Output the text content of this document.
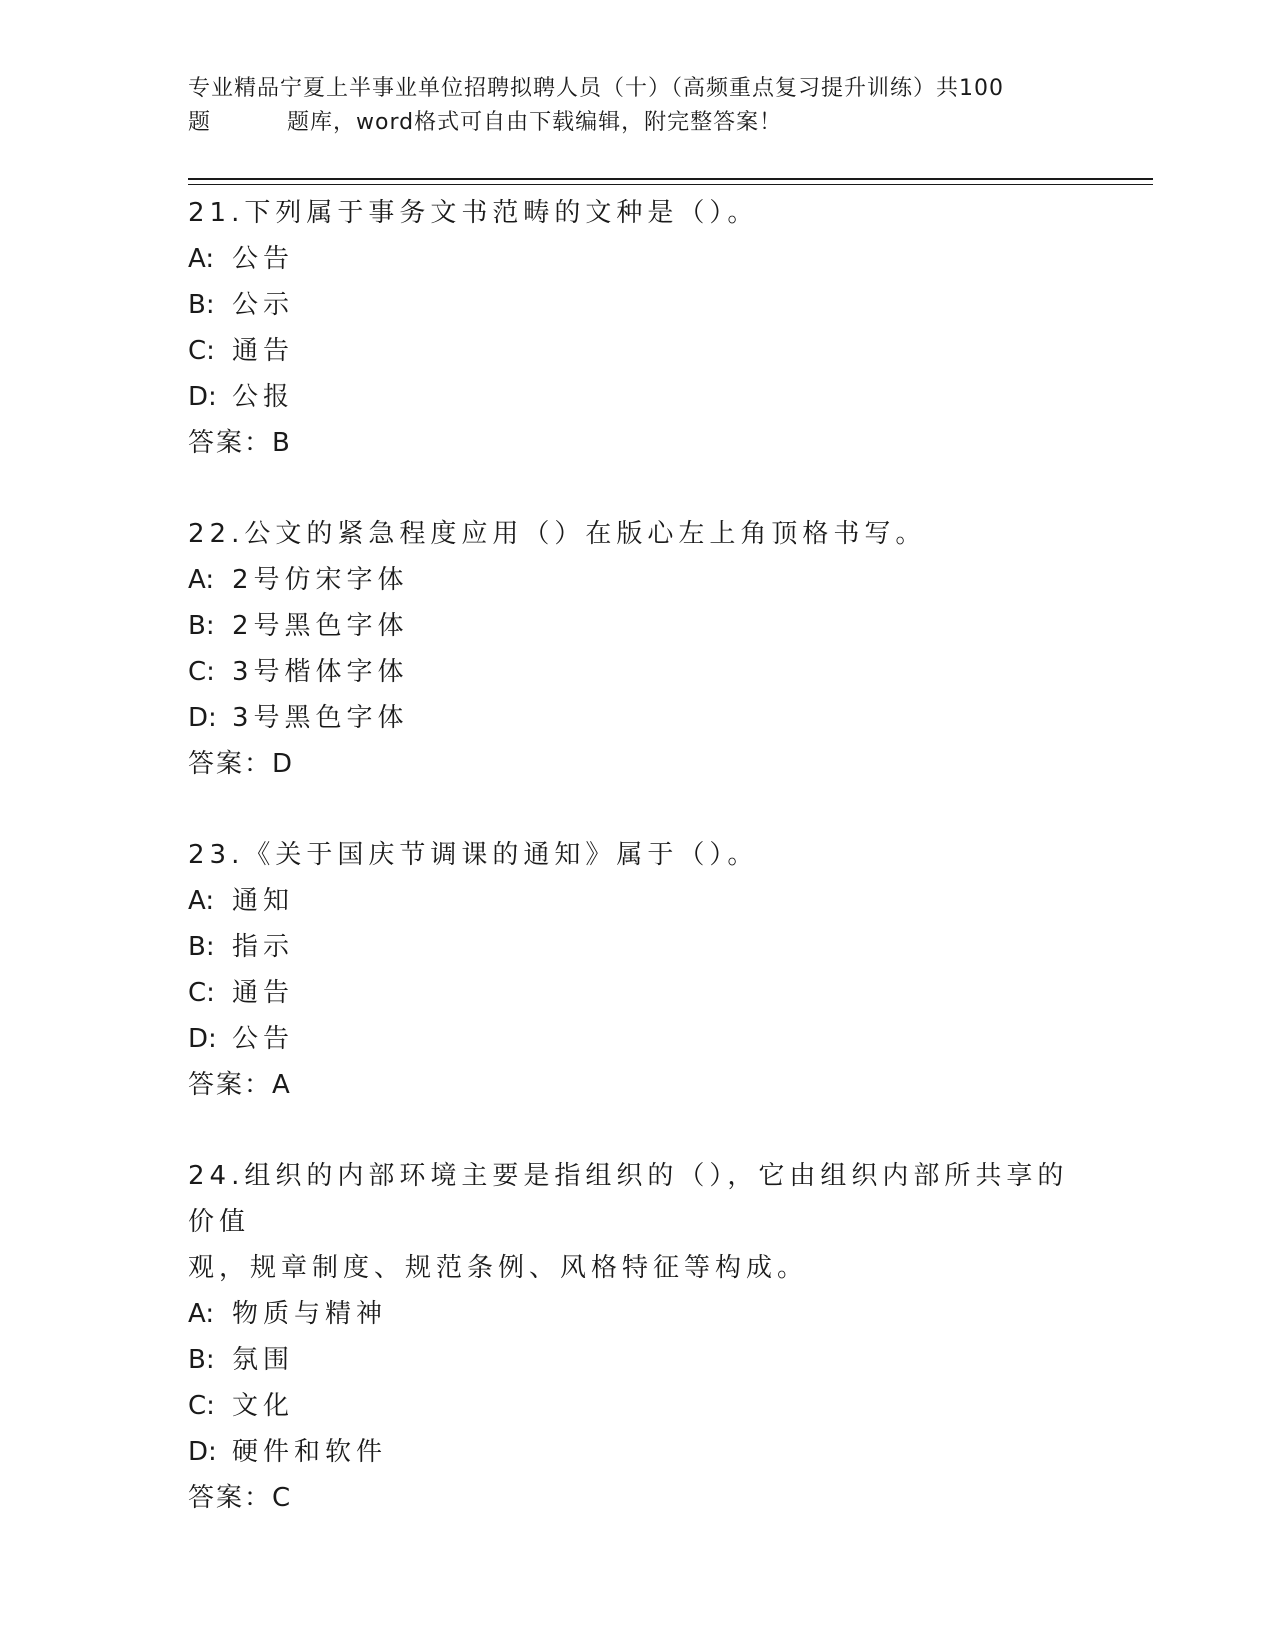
专业精品宁夏上半事业单位招聘拟聘人员（十）（高频重点复习提升训练）共100
题	题库，word格式可自由下载编辑，附完整答案！
21.下列属于事务文书范畴的文种是（）。
A: 公告
B: 公示
C: 通告
D: 公报
答案：B
22.公文的紧急程度应用（）在版心左上角顶格书写。
A: 2号仿宋字体
B: 2号黑色字体
C: 3号楷体字体
D: 3号黑色字体
答案：D
23.《关于国庆节调课的通知》属于（）。
A: 通知
B: 指示
C: 通告
D: 公告
答案：A
24.组织的内部环境主要是指组织的（），它由组织内部所共享的价值
观，规章制度、规范条例、风格特征等构成。
A: 物质与精神
B: 氛围
C: 文化
D: 硬件和软件
答案：C
